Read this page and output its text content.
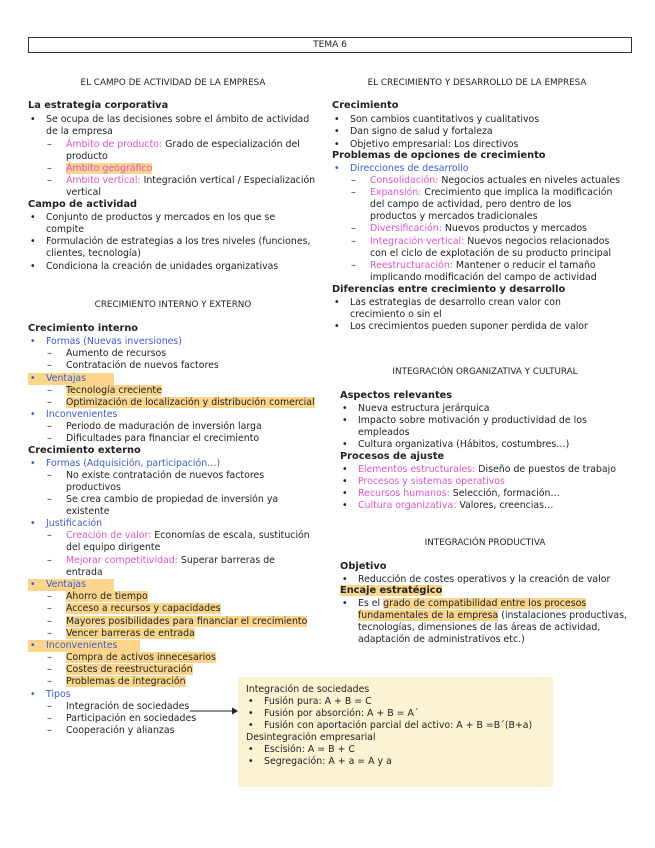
TEMA 6
EL CAMPO DE ACTIVIDAD DE LA EMPRESA
La estrategia corporativa
• Se ocupa de las decisiones sobre el ámbito de actividad
de la empresa
– Ámbito de producto: Grado de especialización del
producto
– Ámbito geográfico
– Ámbito vertical: Integración vertical / Especialización
vertical
Campo de actividad
• Conjunto de productos y mercados en los que se
compite
• Formulación de estrategias a los tres niveles (funciones,
clientes, tecnología)
• Condiciona la creación de unidades organizativas
CRECIMIENTO INTERNO Y EXTERNO
Crecimiento interno
• Formas (Nuevas inversiones)
– Aumento de recursos
– Contratación de nuevos factores
• Ventajas
– Tecnología creciente
– Optimización de localización y distribución comercial
• Inconvenientes
– Periodo de maduración de inversión larga
– Dificultades para financiar el crecimiento
Crecimiento externo
• Formas (Adquisición, participación…)
– No existe contratación de nuevos factores
productivos
– Se crea cambio de propiedad de inversión ya
existente
• Justificación
– Creación de valor: Economías de escala, sustitución
del equipo dirigente
– Mejorar competitividad: Superar barreras de
entrada
• Ventajas
– Ahorro de tiempo
– Acceso a recursos y capacidades
– Mayores posibilidades para financiar el crecimiento
– Vencer barreras de entrada
• Inconvenientes
– Compra de activos innecesarios
– Costes de reestructuración
– Problemas de integración
• Tipos
– Integración de sociedades
– Participación en sociedades
– Cooperación y alianzas
Integración de sociedades
• Fusión pura: A + B = C
• Fusión por absorción: A + B = A´
• Fusión con aportación parcial del activo: A + B =B´(B+a)
Desintegración empresarial
• Escisión: A = B + C
• Segregación: A + a = A y a
EL CRECIMIENTO Y DESARROLLO DE LA EMPRESA
Crecimiento
• Son cambios cuantitativos y cualitativos
• Dan signo de salud y fortaleza
• Objetivo empresarial: Los directivos
Problemas de opciones de crecimiento
• Direcciones de desarrollo
– Consolidación: Negocios actuales en niveles actuales
– Expansión: Crecimiento que implica la modificación
del campo de actividad, pero dentro de los
productos y mercados tradicionales
– Diversificación: Nuevos productos y mercados
– Integración vertical: Nuevos negocios relacionados
con el ciclo de explotación de su producto principal
– Reestructuración: Mantener o reducir el tamaño
implicando modificación del campo de actividad
Diferencias entre crecimiento y desarrollo
• Las estrategias de desarrollo crean valor con
crecimiento o sin el
• Los crecimientos pueden suponer perdida de valor
INTEGRACIÓN ORGANIZATIVA Y CULTURAL
Aspectos relevantes
• Nueva estructura jerárquica
• Impacto sobre motivación y productividad de los
empleados
• Cultura organizativa (Hábitos, costumbres…)
Procesos de ajuste
• Elementos estructurales: Diseño de puestos de trabajo
• Procesos y sistemas operativos
• Recursos humanos: Selección, formación…
• Cultura organizativa: Valores, creencias…
INTEGRACIÓN PRODUCTIVA
Objetivo
• Reducción de costes operativos y la creación de valor
Encaje estratégico
• Es el grado de compatibilidad entre los procesos
fundamentales de la empresa (instalaciones productivas,
tecnologías, dimensiones de las áreas de actividad,
adaptación de administrativos etc.)
